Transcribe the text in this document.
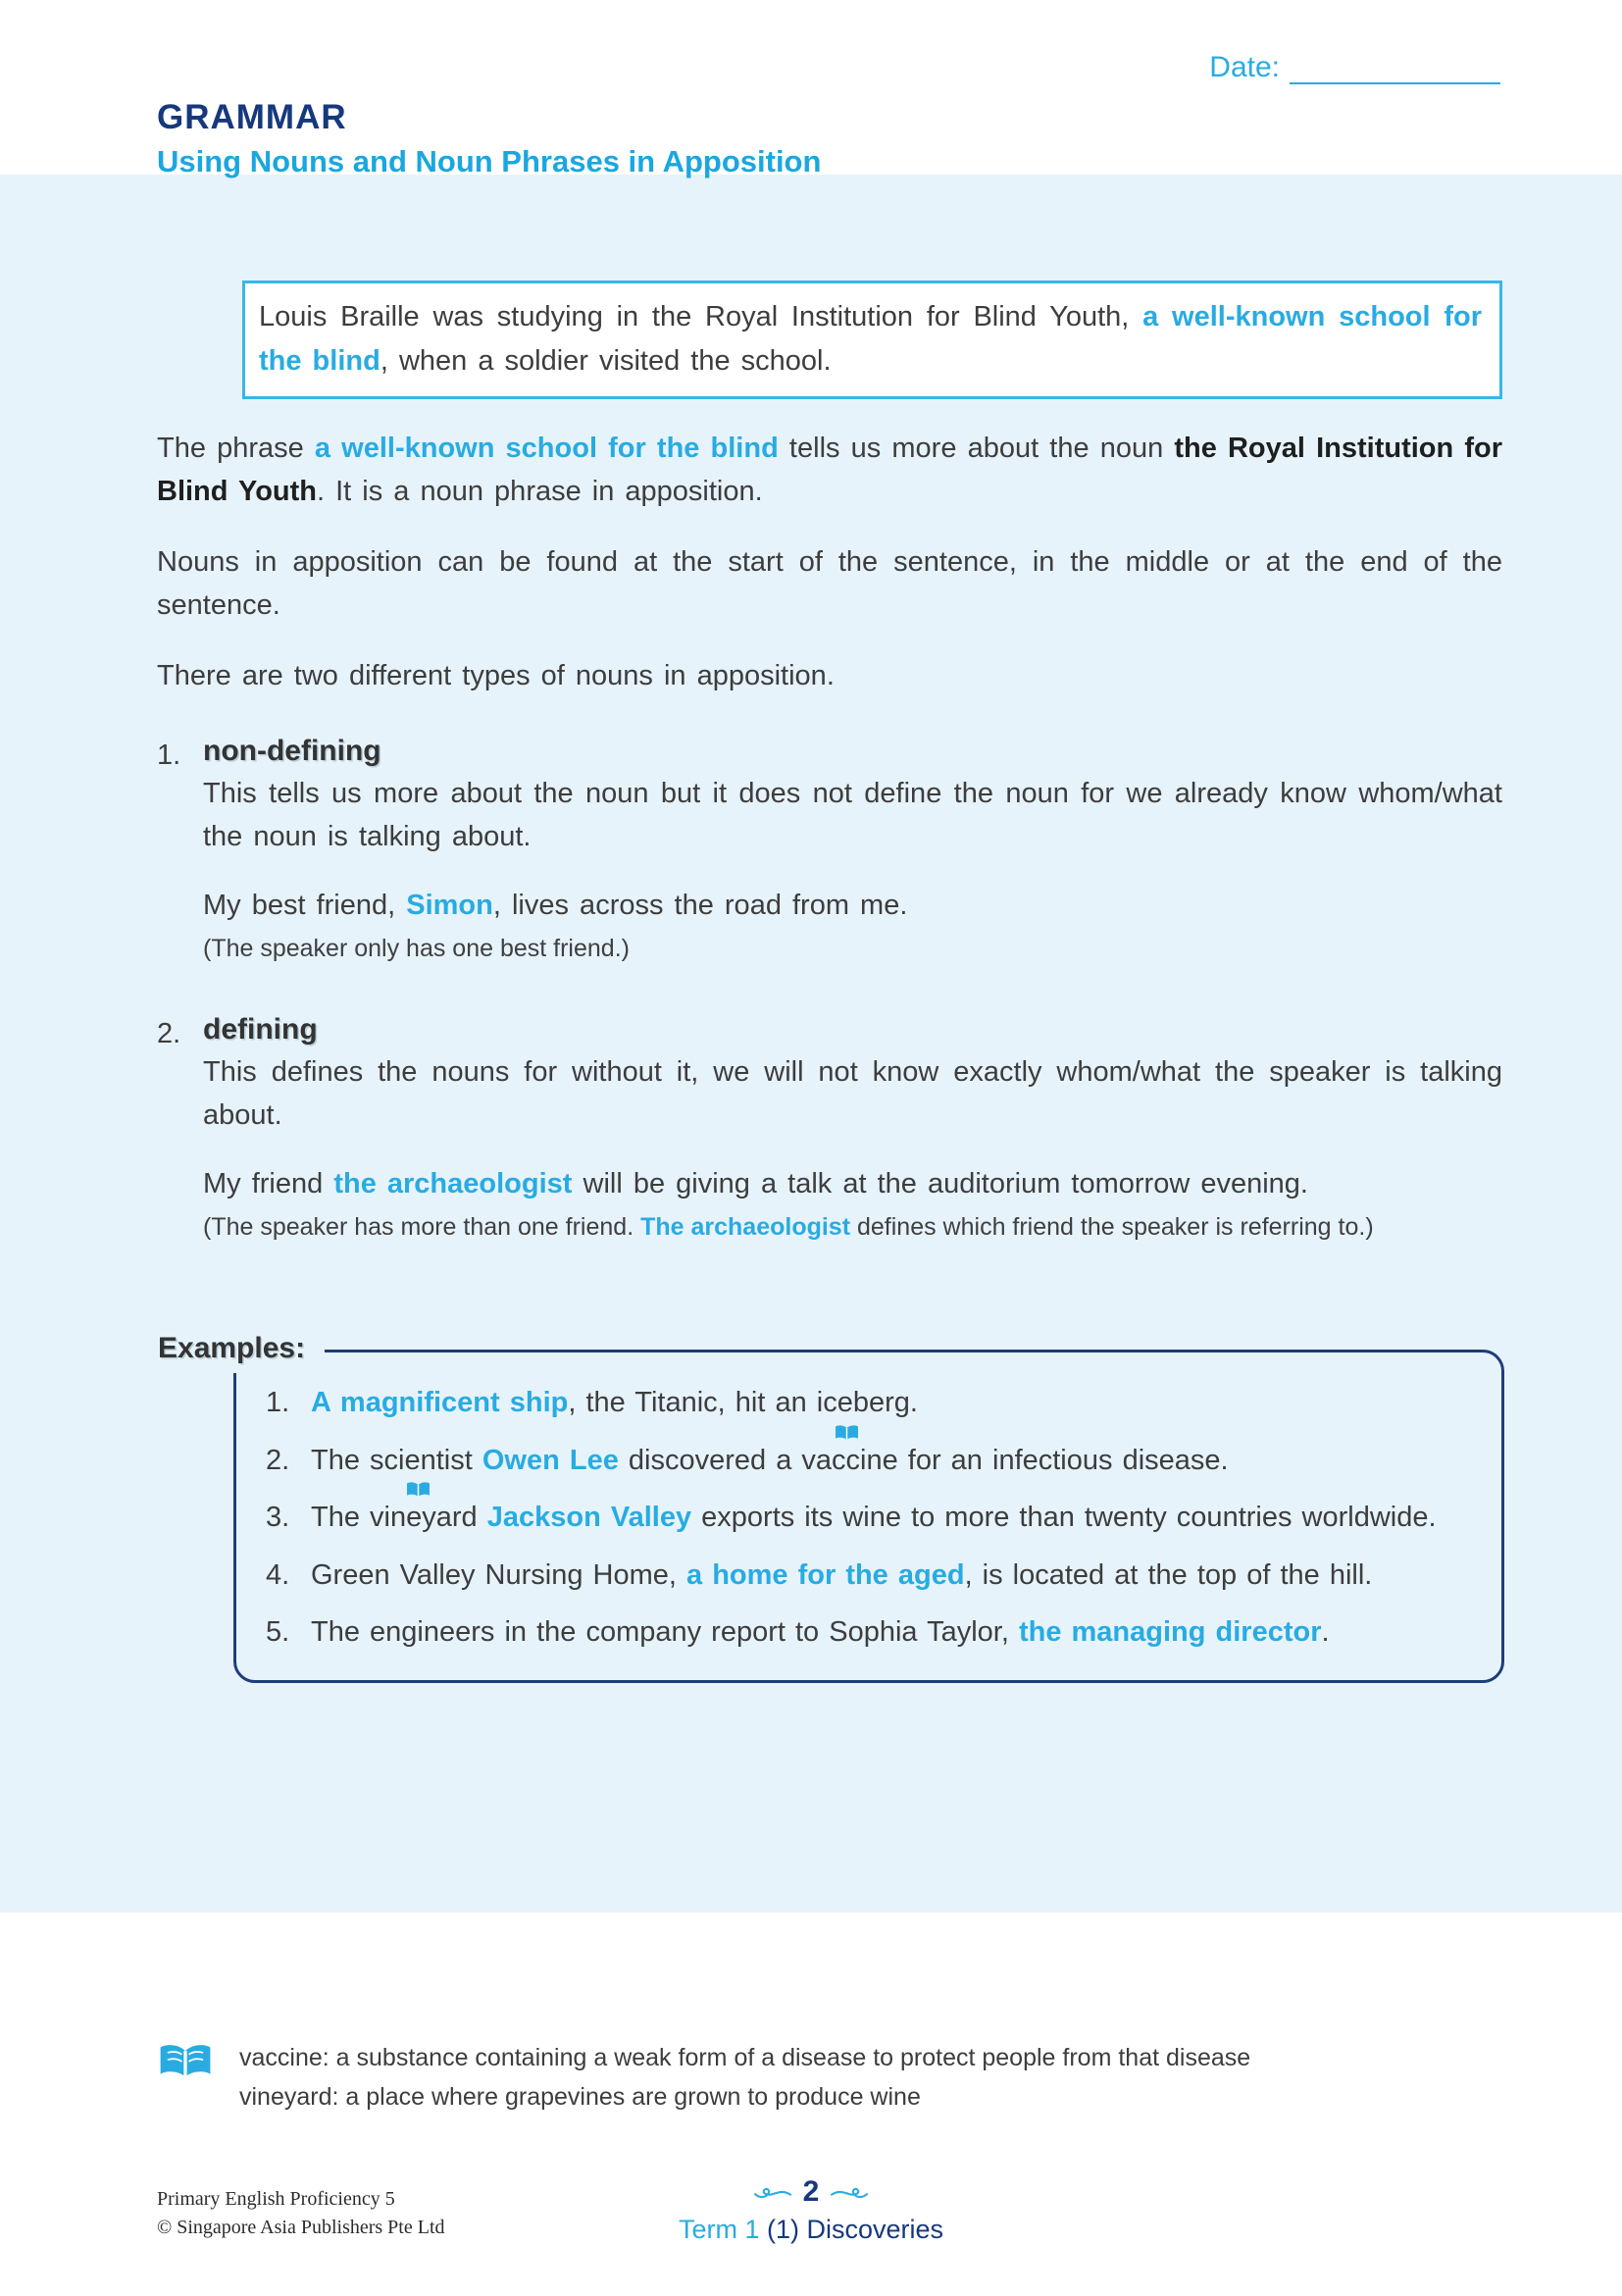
Date:
GRAMMAR
Using Nouns and Noun Phrases in Apposition

Louis Braille was studying in the Royal Institution for Blind Youth, a well-known school for the blind, when a soldier visited the school.

The phrase a well-known school for the blind tells us more about the noun the Royal Institution for Blind Youth. It is a noun phrase in apposition.

Nouns in apposition can be found at the start of the sentence, in the middle or at the end of the sentence.

There are two different types of nouns in apposition.

1. non-defining

This tells us more about the noun but it does not define the noun for we already know whom/what the noun is talking about.

My best friend, Simon, lives across the road from me.

(The speaker only has one best friend.)

2. defining

This defines the nouns for without it, we will not know exactly whom/what the speaker is talking about.

My friend the archaeologist will be giving a talk at the auditorium tomorrow evening.

(The speaker has more than one friend. The archaeologist defines which friend the speaker is referring to.)

Examples:
1. A magnificent ship, the Titanic, hit an iceberg.

2. The scientist Owen Lee discovered a vaccine
for an infectious disease.

3. The vineyard Jackson Valley exports its wine to more than twenty countries worldwide.

4. Green Valley Nursing Home, a home for the aged, is located at the top of the hill.

5. The engineers in the company report to Sophia Taylor, the managing director.

vaccine: a substance containing a weak form of a disease to protect people from that disease

vineyard: a place where grapevines are grown to produce wine

Primary English Proficiency 5

© Singapore Asia Publishers Pte Ltd

2
Term 1 (1) Discoveries
